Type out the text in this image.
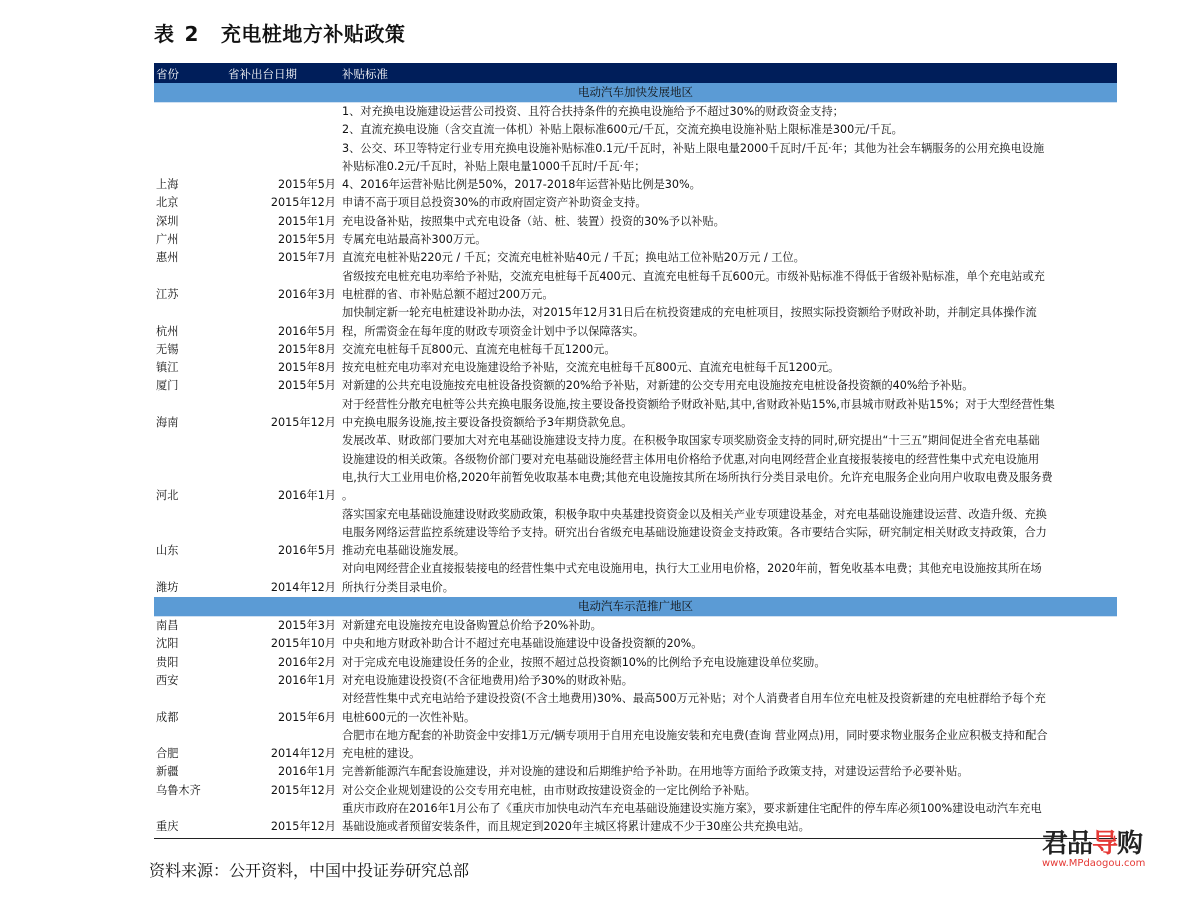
表 2 充电桩地方补贴政策
省份	省补出台日期	补贴标准
电动汽车加快发展地区
上海	2015年5月
1、对充换电设施建设运营公司投资、且符合扶持条件的充换电设施给予不超过30%的财政资金支持；
2、直流充换电设施（含交直流一体机）补贴上限标准600元/千瓦，交流充换电设施补贴上限标准是300元/千瓦。
3、公交、环卫等特定行业专用充换电设施补贴标准0.1元/千瓦时，补贴上限电量2000千瓦时/千瓦·年；其他为社会车辆服务的公用充换电设施
补贴标准0.2元/千瓦时，补贴上限电量1000千瓦时/千瓦·年；
4、2016年运营补贴比例是50%，2017-2018年运营补贴比例是30%。
北京	2015年12月 申请不高于项目总投资30%的市政府固定资产补助资金支持。
深圳	2015年1月 充电设备补贴，按照集中式充电设备（站、桩、装置）投资的30%予以补贴。
广州	2015年5月 专属充电站最高补300万元。
惠州	2015年7月 直流充电桩补贴220元 / 千瓦；交流充电桩补贴40元 / 千瓦；换电站工位补贴20万元 / 工位。
江苏	2016年3月
省级按充电桩充电功率给予补贴，交流充电桩每千瓦400元、直流充电桩每千瓦600元。市级补贴标准不得低于省级补贴标准，单个充电站或充
电桩群的省、市补贴总额不超过200万元。
杭州	2016年5月
加快制定新一轮充电桩建设补助办法，对2015年12月31日后在杭投资建成的充电桩项目，按照实际投资额给予财政补助，并制定具体操作流
程，所需资金在每年度的财政专项资金计划中予以保障落实。
无锡	2015年8月 交流充电桩每千瓦800元、直流充电桩每千瓦1200元。
镇江	2015年8月 按充电桩充电功率对充电设施建设给予补贴，交流充电桩每千瓦800元、直流充电桩每千瓦1200元。
厦门	2015年5月 对新建的公共充电设施按充电桩设备投资额的20%给予补贴，对新建的公交专用充电设施按充电桩设备投资额的40%给予补贴。
海南	2015年12月
对于经营性分散充电桩等公共充换电服务设施,按主要设备投资额给予财政补贴,其中,省财政补贴15%,市县城市财政补贴15%；对于大型经营性集
中充换电服务设施,按主要设备投资额给予3年期贷款免息。
河北	2016年1月
发展改革、财政部门要加大对充电基础设施建设支持力度。在积极争取国家专项奖励资金支持的同时,研究提出“十三五”期间促进全省充电基础
设施建设的相关政策。各级物价部门要对充电基础设施经营主体用电价格给予优惠,对向电网经营企业直接报装接电的经营性集中式充电设施用
电,执行大工业用电价格,2020年前暂免收取基本电费;其他充电设施按其所在场所执行分类目录电价。允许充电服务企业向用户收取电费及服务费
。
山东	2016年5月
落实国家充电基础设施建设财政奖励政策，积极争取中央基建投资资金以及相关产业专项建设基金，对充电基础设施建设运营、改造升级、充换
电服务网络运营监控系统建设等给予支持。研究出台省级充电基础设施建设资金支持政策。各市要结合实际，研究制定相关财政支持政策，合力
推动充电基础设施发展。
潍坊	2014年12月
对向电网经营企业直接报装接电的经营性集中式充电设施用电，执行大工业用电价格，2020年前，暂免收基本电费；其他充电设施按其所在场
所执行分类目录电价。
电动汽车示范推广地区
南昌	2015年3月 对新建充电设施按充电设备购置总价给予20%补助。
沈阳	2015年10月 中央和地方财政补助合计不超过充电基础设施建设中设备投资额的20%。
贵阳	2016年2月 对于完成充电设施建设任务的企业，按照不超过总投资额10%的比例给予充电设施建设单位奖励。
西安	2016年1月 对充电设施建设投资(不含征地费用)给予30%的财政补贴。
成都	2015年6月
对经营性集中式充电站给予建设投资(不含土地费用)30%、最高500万元补贴；对个人消费者自用车位充电桩及投资新建的充电桩群给予每个充
电桩600元的一次性补贴。
合肥	2014年12月
合肥市在地方配套的补助资金中安排1万元/辆专项用于自用充电设施安装和充电费(查询 营业网点)用，同时要求物业服务企业应积极支持和配合
充电桩的建设。
新疆	2016年1月 完善新能源汽车配套设施建设，并对设施的建设和后期维护给予补助。在用地等方面给予政策支持，对建设运营给予必要补贴。
乌鲁木齐	2015年12月 对公交企业规划建设的公交专用充电桩，由市财政按建设资金的一定比例给予补贴。
重庆	2015年12月
重庆市政府在2016年1月公布了《重庆市加快电动汽车充电基础设施建设实施方案》，要求新建住宅配件的停车库必须100%建设电动汽车充电
基础设施或者预留安装条件，而且规定到2020年主城区将累计建成不少于30座公共充换电站。
资料来源：公开资料，中国中投证券研究总部
君品导购
www.MPdaogou.com
